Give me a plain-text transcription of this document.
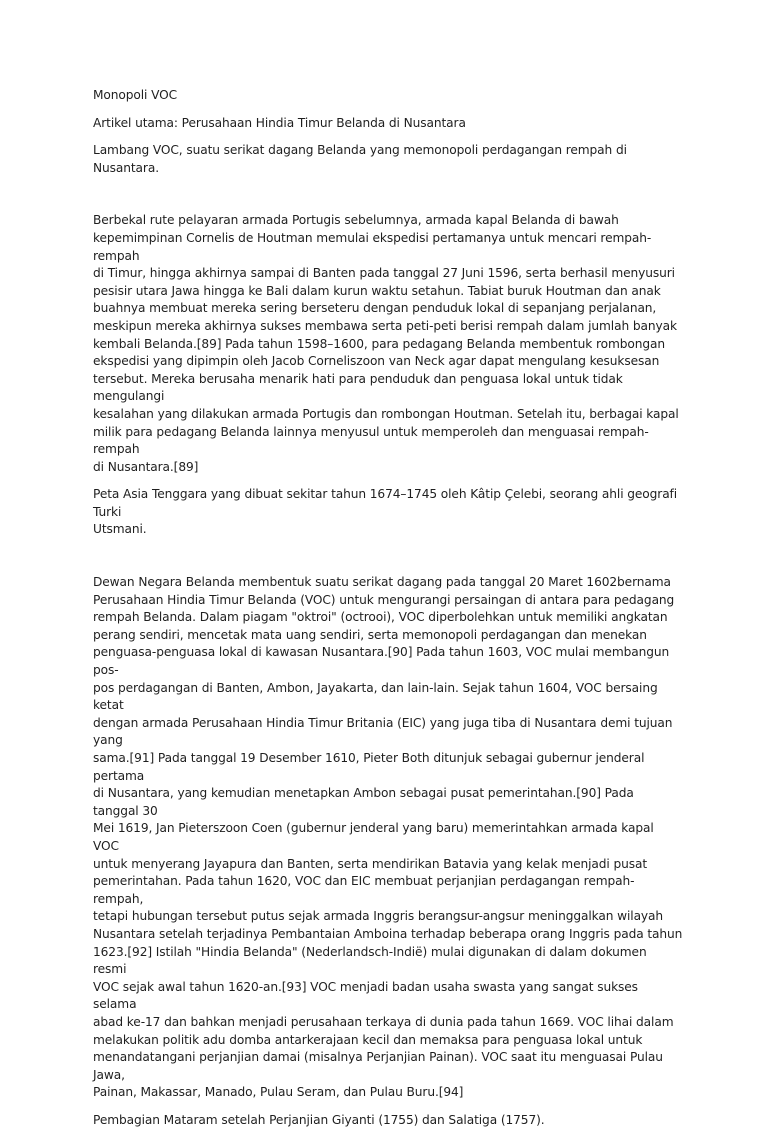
Monopoli VOC

Artikel utama: Perusahaan Hindia Timur Belanda di Nusantara

Lambang VOC, suatu serikat dagang Belanda yang memonopoli perdagangan rempah di Nusantara.

Berbekal rute pelayaran armada Portugis sebelumnya, armada kapal Belanda di bawah
kepemimpinan Cornelis de Houtman memulai ekspedisi pertamanya untuk mencari rempah-rempah
di Timur, hingga akhirnya sampai di Banten pada tanggal 27 Juni 1596, serta berhasil menyusuri
pesisir utara Jawa hingga ke Bali dalam kurun waktu setahun. Tabiat buruk Houtman dan anak
buahnya membuat mereka sering berseteru dengan penduduk lokal di sepanjang perjalanan,
meskipun mereka akhirnya sukses membawa serta peti-peti berisi rempah dalam jumlah banyak
kembali Belanda.[89] Pada tahun 1598–1600, para pedagang Belanda membentuk rombongan
ekspedisi yang dipimpin oleh Jacob Corneliszoon van Neck agar dapat mengulang kesuksesan
tersebut. Mereka berusaha menarik hati para penduduk dan penguasa lokal untuk tidak mengulangi
kesalahan yang dilakukan armada Portugis dan rombongan Houtman. Setelah itu, berbagai kapal
milik para pedagang Belanda lainnya menyusul untuk memperoleh dan menguasai rempah-rempah
di Nusantara.[89]

Peta Asia Tenggara yang dibuat sekitar tahun 1674–1745 oleh Kâtip Çelebi, seorang ahli geografi Turki
Utsmani.

Dewan Negara Belanda membentuk suatu serikat dagang pada tanggal 20 Maret 1602bernama
Perusahaan Hindia Timur Belanda (VOC) untuk mengurangi persaingan di antara para pedagang
rempah Belanda. Dalam piagam "oktroi" (octrooi), VOC diperbolehkan untuk memiliki angkatan
perang sendiri, mencetak mata uang sendiri, serta memonopoli perdagangan dan menekan
penguasa-penguasa lokal di kawasan Nusantara.[90] Pada tahun 1603, VOC mulai membangun pos-
pos perdagangan di Banten, Ambon, Jayakarta, dan lain-lain. Sejak tahun 1604, VOC bersaing ketat
dengan armada Perusahaan Hindia Timur Britania (EIC) yang juga tiba di Nusantara demi tujuan yang
sama.[91] Pada tanggal 19 Desember 1610, Pieter Both ditunjuk sebagai gubernur jenderal pertama
di Nusantara, yang kemudian menetapkan Ambon sebagai pusat pemerintahan.[90] Pada tanggal 30
Mei 1619, Jan Pieterszoon Coen (gubernur jenderal yang baru) memerintahkan armada kapal VOC
untuk menyerang Jayapura dan Banten, serta mendirikan Batavia yang kelak menjadi pusat
pemerintahan. Pada tahun 1620, VOC dan EIC membuat perjanjian perdagangan rempah-rempah,
tetapi hubungan tersebut putus sejak armada Inggris berangsur-angsur meninggalkan wilayah
Nusantara setelah terjadinya Pembantaian Amboina terhadap beberapa orang Inggris pada tahun
1623.[92] Istilah "Hindia Belanda" (Nederlandsch-Indië) mulai digunakan di dalam dokumen resmi
VOC sejak awal tahun 1620-an.[93] VOC menjadi badan usaha swasta yang sangat sukses selama
abad ke-17 dan bahkan menjadi perusahaan terkaya di dunia pada tahun 1669. VOC lihai dalam
melakukan politik adu domba antarkerajaan kecil dan memaksa para penguasa lokal untuk
menandatangani perjanjian damai (misalnya Perjanjian Painan). VOC saat itu menguasai Pulau Jawa,
Painan, Makassar, Manado, Pulau Seram, dan Pulau Buru.[94]

Pembagian Mataram setelah Perjanjian Giyanti (1755) dan Salatiga (1757).
